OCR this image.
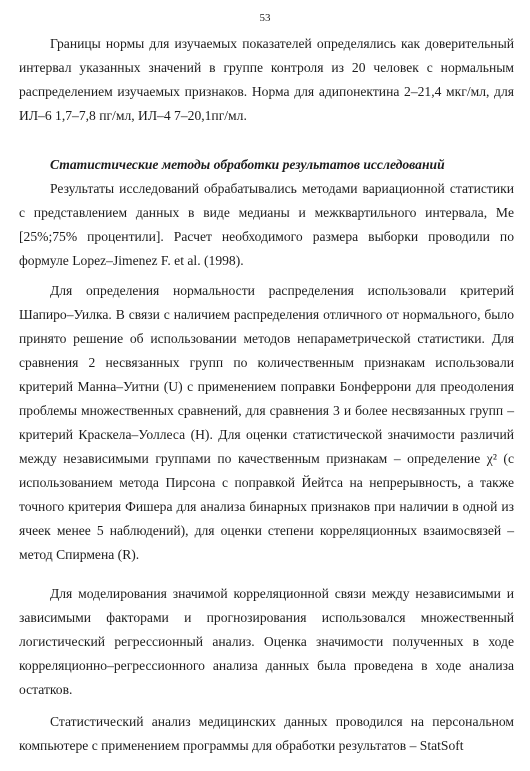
53

Границы нормы для изучаемых показателей определялись как доверительный интервал указанных значений в группе контроля из 20 человек с нормальным распределением изучаемых признаков. Норма для адипонектина 2–21,4 мкг/мл, для ИЛ–6 1,7–7,8 пг/мл, ИЛ–4 7–20,1пг/мл.

Статистические методы обработки результатов исследований

Результаты исследований обрабатывались методами вариационной статистики с представлением данных в виде медианы и межквартильного интервала, Me [25%;75% процентили]. Расчет необходимого размера выборки проводили по формуле Lopez–Jimenez F. et al. (1998).

Для определения нормальности распределения использовали критерий Шапиро–Уилка. В связи с наличием распределения отличного от нормального, было принято решение об использовании методов непараметрической статистики. Для сравнения 2 несвязанных групп по количественным признакам использовали критерий Манна–Уитни (U) с применением поправки Бонферрони для преодоления проблемы множественных сравнений, для сравнения 3 и более несвязанных групп – критерий Краскела–Уоллеса (H). Для оценки статистической значимости различий между независимыми группами по качественным признакам – определение χ² (с использованием метода Пирсона с поправкой Йейтса на непрерывность, а также точного критерия Фишера для анализа бинарных признаков при наличии в одной из ячеек менее 5 наблюдений), для оценки степени корреляционных взаимосвязей – метод Спирмена (R).

Для моделирования значимой корреляционной связи между независимыми и зависимыми факторами и прогнозирования использовался множественный логистический регрессионный анализ. Оценка значимости полученных в ходе корреляционно–регрессионного анализа данных была проведена в ходе анализа остатков.

Статистический анализ медицинских данных проводился на персональном компьютере с применением программы для обработки результатов – StatSoft
